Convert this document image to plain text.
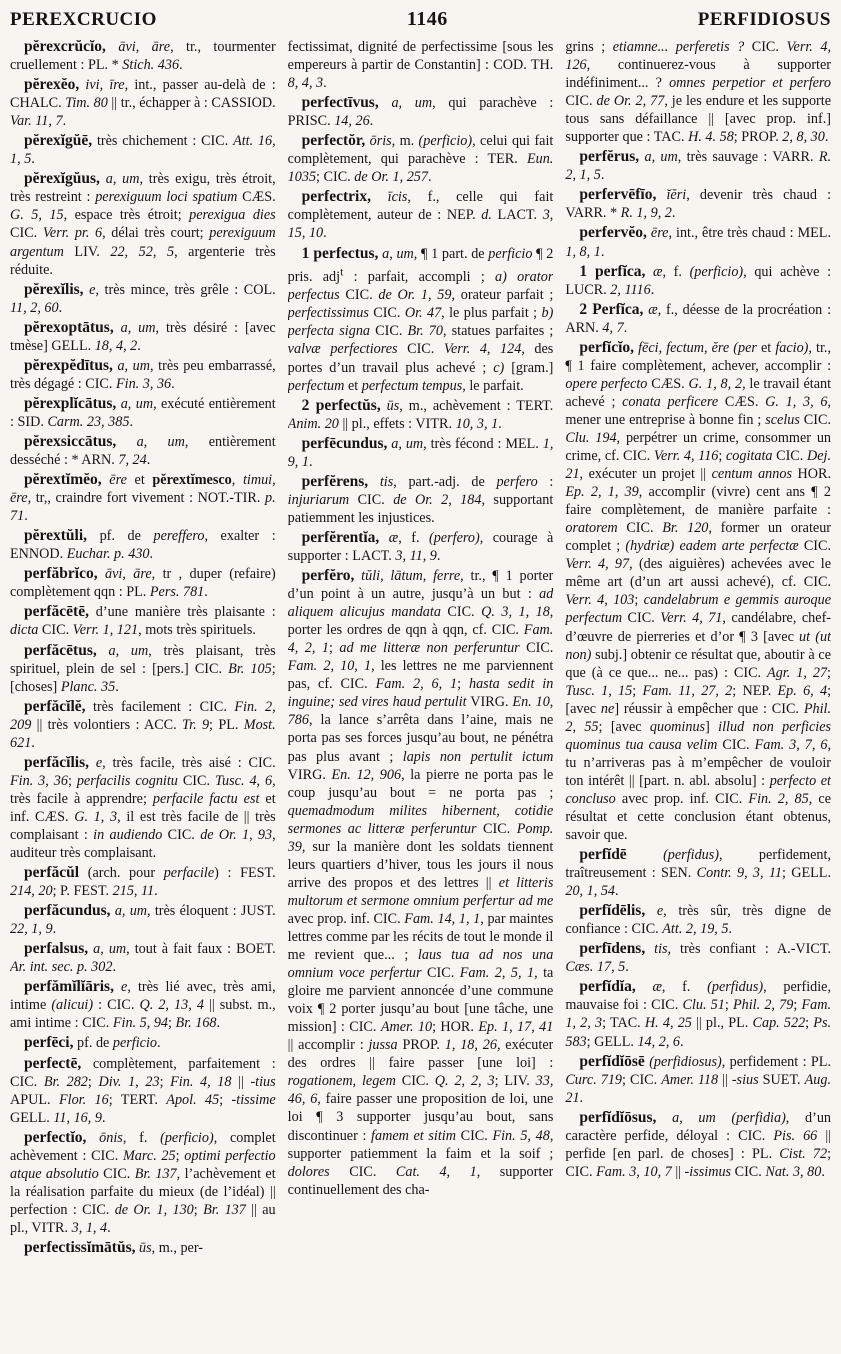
PEREXCRUCIO	1146	PERFIDIOSUS

pĕrexcrŭcĭo, āvi, āre, tr., tourmenter cruellement : PL. * Stich. 436.

pĕrexĕo, ivi, īre, int., passer au-delà de : CHALC. Tim. 80 || tr., échapper à : CASSIOD. Var. 11, 7.

pĕrexĭgŭē, très chichement : CIC. Att. 16, 1, 5.

pĕrexĭgŭus, a, um, très exigu, très étroit, très restreint : perexiguum loci spatium CÆS. G. 5, 15, espace très étroit; perexigua dies CIC. Verr. pr. 6, délai très court; perexiguum argentum LIV. 22, 52, 5, argenterie très réduite.

pĕrexĭlis, e, très mince, très grêle : COL. 11, 2, 60.

pĕrexoptātus, a, um, très désiré : [avec tmèse] GELL. 18, 4, 2.

pĕrexpĕdītus, a, um, très peu embarrassé, très dégagé : CIC. Fin. 3, 36.

pĕrexplĭcātus, a, um, exécuté entièrement : SID. Carm. 23, 385.

pĕrexsiccātus, a, um, entièrement desséché : * ARN. 7, 24.

pĕrextĭmĕo, ēre et pĕrextĭmesco, timui, ēre, tr,, craindre fort vivement : NOT.-TIR. p. 71.

pĕrextŭli, pf. de pereffero, exalter : ENNOD. Euchar. p. 430.

perfăbrĭco, āvi, āre, tr , duper (refaire) complètement qqn : PL. Pers. 781.

perfăcētē, d’une manière très plaisante : dicta CIC. Verr. 1, 121, mots très spirituels.

perfăcētus, a, um, très plaisant, très spirituel, plein de sel : [pers.] CIC. Br. 105; [choses] Planc. 35.

perfăcĭlĕ, très facilement : CIC. Fin. 2, 209 || très volontiers : ACC. Tr. 9; PL. Most. 621.

perfăcĭlis, e, très facile, très aisé : CIC. Fin. 3, 36; perfacilis cognitu CIC. Tusc. 4, 6, très facile à apprendre; perfacile factu est et inf. CÆS. G. 1, 3, il est très facile de || très complaisant : in audiendo CIC. de Or. 1, 93, auditeur très complaisant.

perfăcŭl (arch. pour perfacile) : FEST. 214, 20; P. FEST. 215, 11.

perfăcundus, a, um, très éloquent : JUST. 22, 1, 9.

perfalsus, a, um, tout à fait faux : BOET. Ar. int. sec. p. 302.

perfămĭlĭāris, e, très lié avec, très ami, intime (alicui) : CIC. Q. 2, 13, 4 || subst. m., ami intime : CIC. Fin. 5, 94; Br. 168.

perfēci, pf. de perficio.

perfectē, complètement, parfaitement : CIC. Br. 282; Div. 1, 23; Fin. 4, 18 || -tius APUL. Flor. 16; TERT. Apol. 45; -tissime GELL. 11, 16, 9.

perfectĭo, ōnis, f. (perficio), complet achèvement : CIC. Marc. 25; optimi perfectio atque absolutio CIC. Br. 137, l’achèvement et la réalisation parfaite du mieux (de l’idéal) || perfection : CIC. de Or. 1, 130; Br. 137 || au pl., VITR. 3, 1, 4.

perfectissĭmātŭs, ūs, m., per-

fectissimat, dignité de perfectissime [sous les empereurs à partir de Constantin] : COD. TH. 8, 4, 3.

perfectīvus, a, um, qui parachève : PRISC. 14, 26.

perfectŏr, ōris, m. (perficio), celui qui fait complètement, qui parachève : TER. Eun. 1035; CIC. de Or. 1, 257.

perfectrix, īcis, f., celle qui fait complètement, auteur de : NEP. d. LACT. 3, 15, 10.

1 perfectus, a, um, ¶ 1 part. de perficio ¶ 2 pris. adj$^t$ : parfait, accompli ; a) orator perfectus CIC. de Or. 1, 59, orateur parfait ; perfectissimus CIC. Or. 47, le plus parfait ; b) perfecta signa CIC. Br. 70, statues parfaites ; valvæ perfectiores CIC. Verr. 4, 124, des portes d’un travail plus achevé ; c) [gram.] perfectum et perfectum tempus, le parfait.

2 perfectŭs, ūs, m., achèvement : TERT. Anim. 20 || pl., effets : VITR. 10, 3, 1.

perfēcundus, a, um, très fécond : MEL. 1, 9, 1.

perfĕrens, tis, part.-adj. de perfero : injuriarum CIC. de Or. 2, 184, supportant patiemment les injustices.

perfĕrentĭa, æ, f. (perfero), courage à supporter : LACT. 3, 11, 9.

perfĕro, tŭli, lātum, ferre, tr., ¶ 1 porter d’un point à un autre, jusqu’à un but : ad aliquem alicujus mandata CIC. Q. 3, 1, 18, porter les ordres de qqn à qqn, cf. CIC. Fam. 4, 2, 1; ad me litteræ non perferuntur CIC. Fam. 2, 10, 1, les lettres ne me parviennent pas, cf. CIC. Fam. 2, 6, 1; hasta sedit in inguine; sed vires haud pertulit VIRG. En. 10, 786, la lance s’arrêta dans l’aine, mais ne porta pas ses forces jusqu’au bout, ne pénétra pas plus avant ; lapis non pertulit ictum VIRG. En. 12, 906, la pierre ne porta pas le coup jusqu’au bout = ne porta pas ; quemadmodum milites hibernent, cotidie sermones ac litteræ perferuntur CIC. Pomp. 39, sur la manière dont les soldats tiennent leurs quartiers d’hiver, tous les jours il nous arrive des propos et des lettres || et litteris multorum et sermone omnium perfertur ad me avec prop. inf. CIC. Fam. 14, 1, 1, par maintes lettres comme par les récits de tout le monde il me revient que... ; laus tua ad nos una omnium voce perfertur CIC. Fam. 2, 5, 1, ta gloire me parvient annoncée d’une commune voix ¶ 2 porter jusqu’au bout [une tâche, une mission] : CIC. Amer. 10; HOR. Ep. 1, 17, 41 || accomplir : jussa PROP. 1, 18, 26, exécuter des ordres || faire passer [une loi] : rogationem, legem CIC. Q. 2, 2, 3; LIV. 33, 46, 6, faire passer une proposition de loi, une loi ¶ 3 supporter jusqu’au bout, sans discontinuer : famem et sitim CIC. Fin. 5, 48, supporter patiemment la faim et la soif ; dolores CIC. Cat. 4, 1, supporter continuellement des cha-

grins ; etiamne... perferetis ? CIC. Verr. 4, 126, continuerez-vous à supporter indéfiniment... ? omnes perpetior et perfero CIC. de Or. 2, 77, je les endure et les supporte tous sans défaillance || [avec prop. inf.] supporter que : TAC. H. 4. 58; PROP. 2, 8, 30.

perfĕrus, a, um, très sauvage : VARR. R. 2, 1, 5.

perfervēfīo, ĭĕri, devenir très chaud : VARR. * R. 1, 9, 2.

perfervĕo, ēre, int., être très chaud : MEL. 1, 8, 1.

1 perfĭca, æ, f. (perficio), qui achève : LUCR. 2, 1116.

2 Perfĭca, æ, f., déesse de la procréation : ARN. 4, 7.

perfĭcĭo, fēci, fectum, ĕre (per et facio), tr., ¶ 1 faire complètement, achever, accomplir : opere perfecto CÆS. G. 1, 8, 2, le travail étant achevé ; conata perficere CÆS. G. 1, 3, 6, mener une entreprise à bonne fin ; scelus CIC. Clu. 194, perpétrer un crime, consommer un crime, cf. CIC. Verr. 4, 116; cogitata CIC. Dej. 21, exécuter un projet || centum annos HOR. Ep. 2, 1, 39, accomplir (vivre) cent ans ¶ 2 faire complètement, de manière parfaite : oratorem CIC. Br. 120, former un orateur complet ; (hydriæ) eadem arte perfectæ CIC. Verr. 4, 97, (des aiguières) achevées avec le même art (d’un art aussi achevé), cf. CIC. Verr. 4, 103; candelabrum e gemmis auroque perfectum CIC. Verr. 4, 71, candélabre, chef-d’œuvre de pierreries et d’or ¶ 3 [avec ut (ut non) subj.] obtenir ce résultat que, aboutir à ce que (à ce que... ne... pas) : CIC. Agr. 1, 27; Tusc. 1, 15; Fam. 11, 27, 2; NEP. Ep. 6, 4; [avec ne] réussir à empêcher que : CIC. Phil. 2, 55; [avec quominus] illud non perficies quominus tua causa velim CIC. Fam. 3, 7, 6, tu n’arriveras pas à m’empêcher de vouloir ton intérêt || [part. n. abl. absolu] : perfecto et concluso avec prop. inf. CIC. Fin. 2, 85, ce résultat et cette conclusion étant obtenus, savoir que.

perfĭdē	(perfidus), perfidement, traîtreusement : SEN. Contr. 9, 3, 11; GELL. 20, 1, 54.

perfĭdēlis, e, très sûr, très digne de confiance : CIC. Att. 2, 19, 5.

perfīdens, tis, très confiant : A.-VICT. Cæs. 17, 5.

perfĭdĭa, æ, f. (perfidus), perfidie, mauvaise foi : CIC. Clu. 51; Phil. 2, 79; Fam. 1, 2, 3; TAC. H. 4, 25 || pl., PL. Cap. 522; Ps. 583; GELL. 14, 2, 6.

perfĭdĭōsē (perfidiosus), perfidement : PL. Curc. 719; CIC. Amer. 118 || -sius SUET. Aug. 21.

perfĭdĭōsus, a, um (perfidia), d’un caractère perfide, déloyal : CIC. Pis. 66 || perfide [en parl. de choses] : PL. Cist. 72; CIC. Fam. 3, 10, 7 || -issimus CIC. Nat. 3, 80.
